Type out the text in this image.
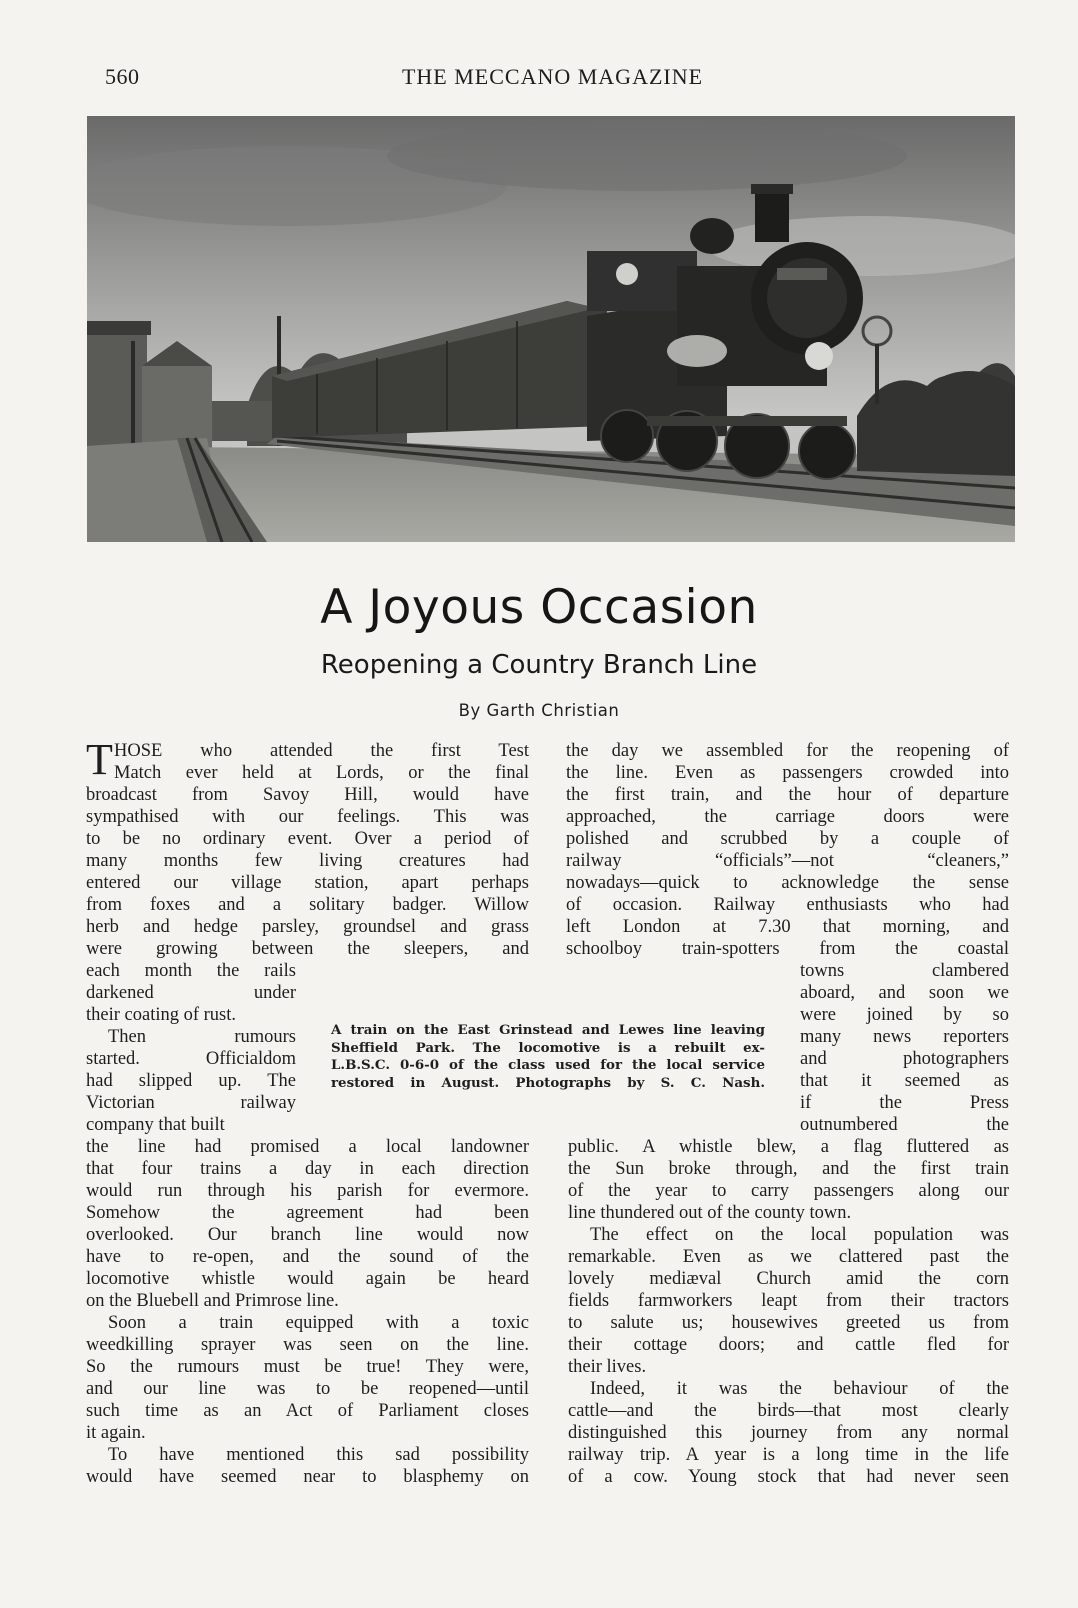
560	THE MECCANO MAGAZINE
A Joyous Occasion
Reopening a Country Branch Line
By Garth Christian
T HOSE who attended the first Test
Match ever held at Lords, or the final
broadcast from Savoy Hill, would have
sympathised with our feelings. This was
to be no ordinary event. Over a period of
many months few living creatures had
entered our village station, apart perhaps
from foxes and a solitary badger. Willow
herb and hedge parsley, groundsel and grass
were growing between the sleepers, and
each month the rails
darkened under
their coating of rust.
Then rumours
started. Officialdom
had slipped up. The
Victorian railway
company that built
the line had promised a local landowner
that four trains a day in each direction
would run through his parish for evermore.
Somehow the agreement had been
overlooked. Our branch line would now
have to re-open, and the sound of the
locomotive whistle would again be heard
on the Bluebell and Primrose line.
Soon a train equipped with a toxic
weedkilling sprayer was seen on the line.
So the rumours must be true! They were,
and our line was to be reopened—until
such time as an Act of Parliament closes
it again.
To have mentioned this sad possibility
would have seemed near to blasphemy on
A train on the East Grinstead and Lewes line leaving
Sheffield Park. The locomotive is a rebuilt ex-
L.B.S.C. 0-6-0 of the class used for the local service
restored in August. Photographs by S. C. Nash.
the day we assembled for the reopening of
the line. Even as passengers crowded into
the first train, and the hour of departure
approached, the carriage doors were
polished and scrubbed by a couple of
railway “officials”—not “cleaners,”
nowadays—quick to acknowledge the sense
of occasion. Railway enthusiasts who had
left London at 7.30 that morning, and
schoolboy train-spotters from the coastal
towns clambered
aboard, and soon we
were joined by so
many news reporters
and photographers
that it seemed as
if the Press
outnumbered the
public. A whistle blew, a flag fluttered as
the Sun broke through, and the first train
of the year to carry passengers along our
line thundered out of the county town.
The effect on the local population was
remarkable. Even as we clattered past the
lovely mediæval Church amid the corn
fields farmworkers leapt from their tractors
to salute us; housewives greeted us from
their cottage doors; and cattle fled for
their lives.
Indeed, it was the behaviour of the
cattle—and the birds—that most clearly
distinguished this journey from any normal
railway trip. A year is a long time in the life
of a cow. Young stock that had never seen
